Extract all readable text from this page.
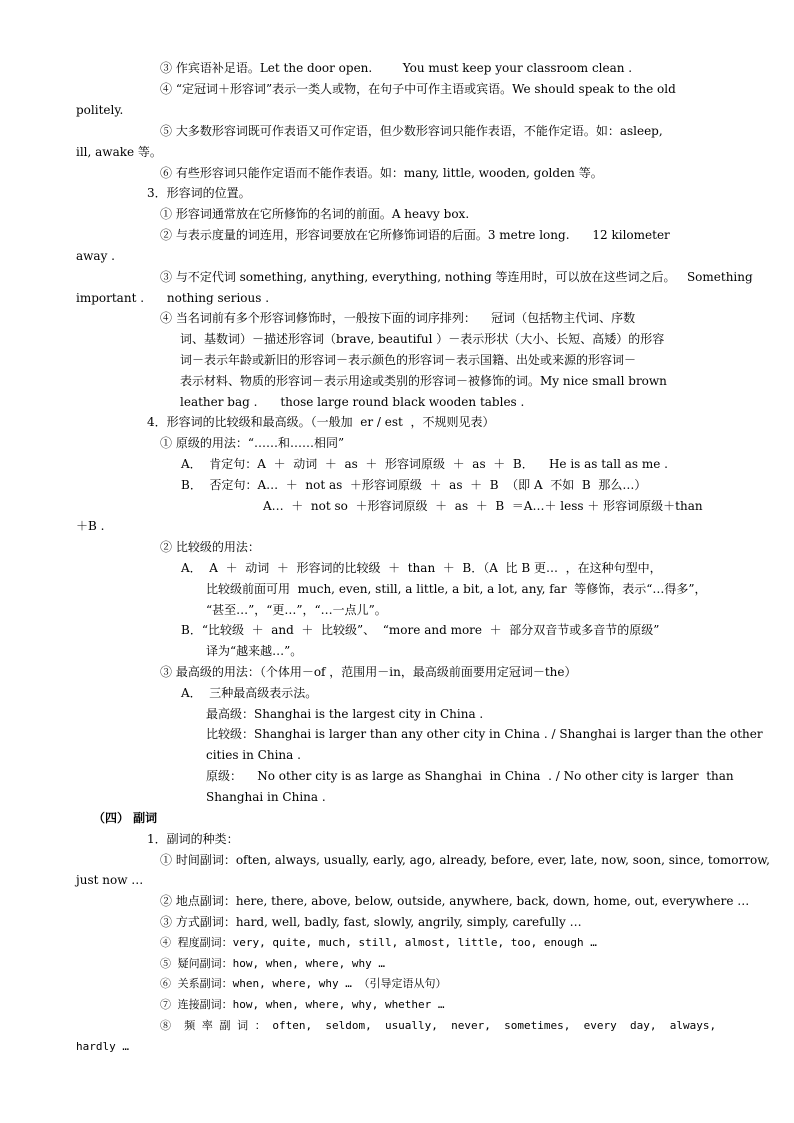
③ 作宾语补足语。Let the door open.        You must keep your classroom clean .
④ “定冠词＋形容词”表示一类人或物，在句子中可作主语或宾语。We should speak to the old
politely.
⑤ 大多数形容词既可作表语又可作定语，但少数形容词只能作表语，不能作定语。如：asleep,
ill, awake 等。
⑥ 有些形容词只能作定语而不能作表语。如：many, little, wooden, golden 等。
3．形容词的位置。
① 形容词通常放在它所修饰的名词的前面。A heavy box.
② 与表示度量的词连用，形容词要放在它所修饰词语的后面。3 metre long.      12 kilometer
away .
③ 与不定代词 something, anything, everything, nothing 等连用时，可以放在这些词之后。   Something
important .      nothing serious .
④ 当名词前有多个形容词修饰时，一般按下面的词序排列：    冠词（包括物主代词、序数
词、基数词）－描述形容词（brave, beautiful ）－表示形状（大小、长短、高矮）的形容
词－表示年龄或新旧的形容词－表示颜色的形容词－表示国籍、出处或来源的形容词－
表示材料、物质的形容词－表示用途或类别的形容词－被修饰的词。My nice small brown
leather bag .      those large round black wooden tables .
4．形容词的比较级和最高级。（一般加  er / est  ，不规则见表）
① 原级的用法：“……和……相同”
A．  肯定句：A  ＋  动词  ＋  as  ＋  形容词原级  ＋  as  ＋  B．    He is as tall as me .
B．  否定句：A…  ＋  not as  ＋形容词原级  ＋  as  ＋  B  （即 A  不如  B  那么…）
A…  ＋  not so  ＋形容词原级  ＋  as  ＋  B  ＝A…＋ less ＋ 形容词原级＋than
＋B .
② 比较级的用法：
A．  A  ＋  动词  ＋  形容词的比较级  ＋  than  ＋  B．（A  比 B 更…  ，在这种句型中，
比较级前面可用  much, even, still, a little, a bit, a lot, any, far  等修饰，表示“…得多”，
“甚至…”，“更…”，“…一点儿”。
B．“比较级  ＋  and  ＋  比较级”、  “more and more  ＋  部分双音节或多音节的原级”
译为“越来越…”。
③ 最高级的用法：（个体用－of ，范围用－in，最高级前面要用定冠词－the）
A．  三种最高级表示法。
最高级：Shanghai is the largest city in China .
比较级：Shanghai is larger than any other city in China . / Shanghai is larger than the other
cities in China .
原级：    No other city is as large as Shanghai  in China  . / No other city is larger  than
Shanghai in China .
（四） 副词
1．副词的种类：
① 时间副词：often, always, usually, early, ago, already, before, ever, late, now, soon, since, tomorrow,
just now …
② 地点副词：here, there, above, below, outside, anywhere, back, down, home, out, everywhere …
③ 方式副词：hard, well, badly, fast, slowly, angrily, simply, carefully …
④ 程度副词：very, quite, much, still, almost, little, too, enough …
⑤ 疑问副词：how, when, where, why …
⑥ 关系副词：when, where, why … （引导定语从句）
⑦ 连接副词：how, when, where, why, whether …
⑧  频 率 副 词 ： often,  seldom,  usually,  never,  sometimes,  every  day,  always,
hardly …
